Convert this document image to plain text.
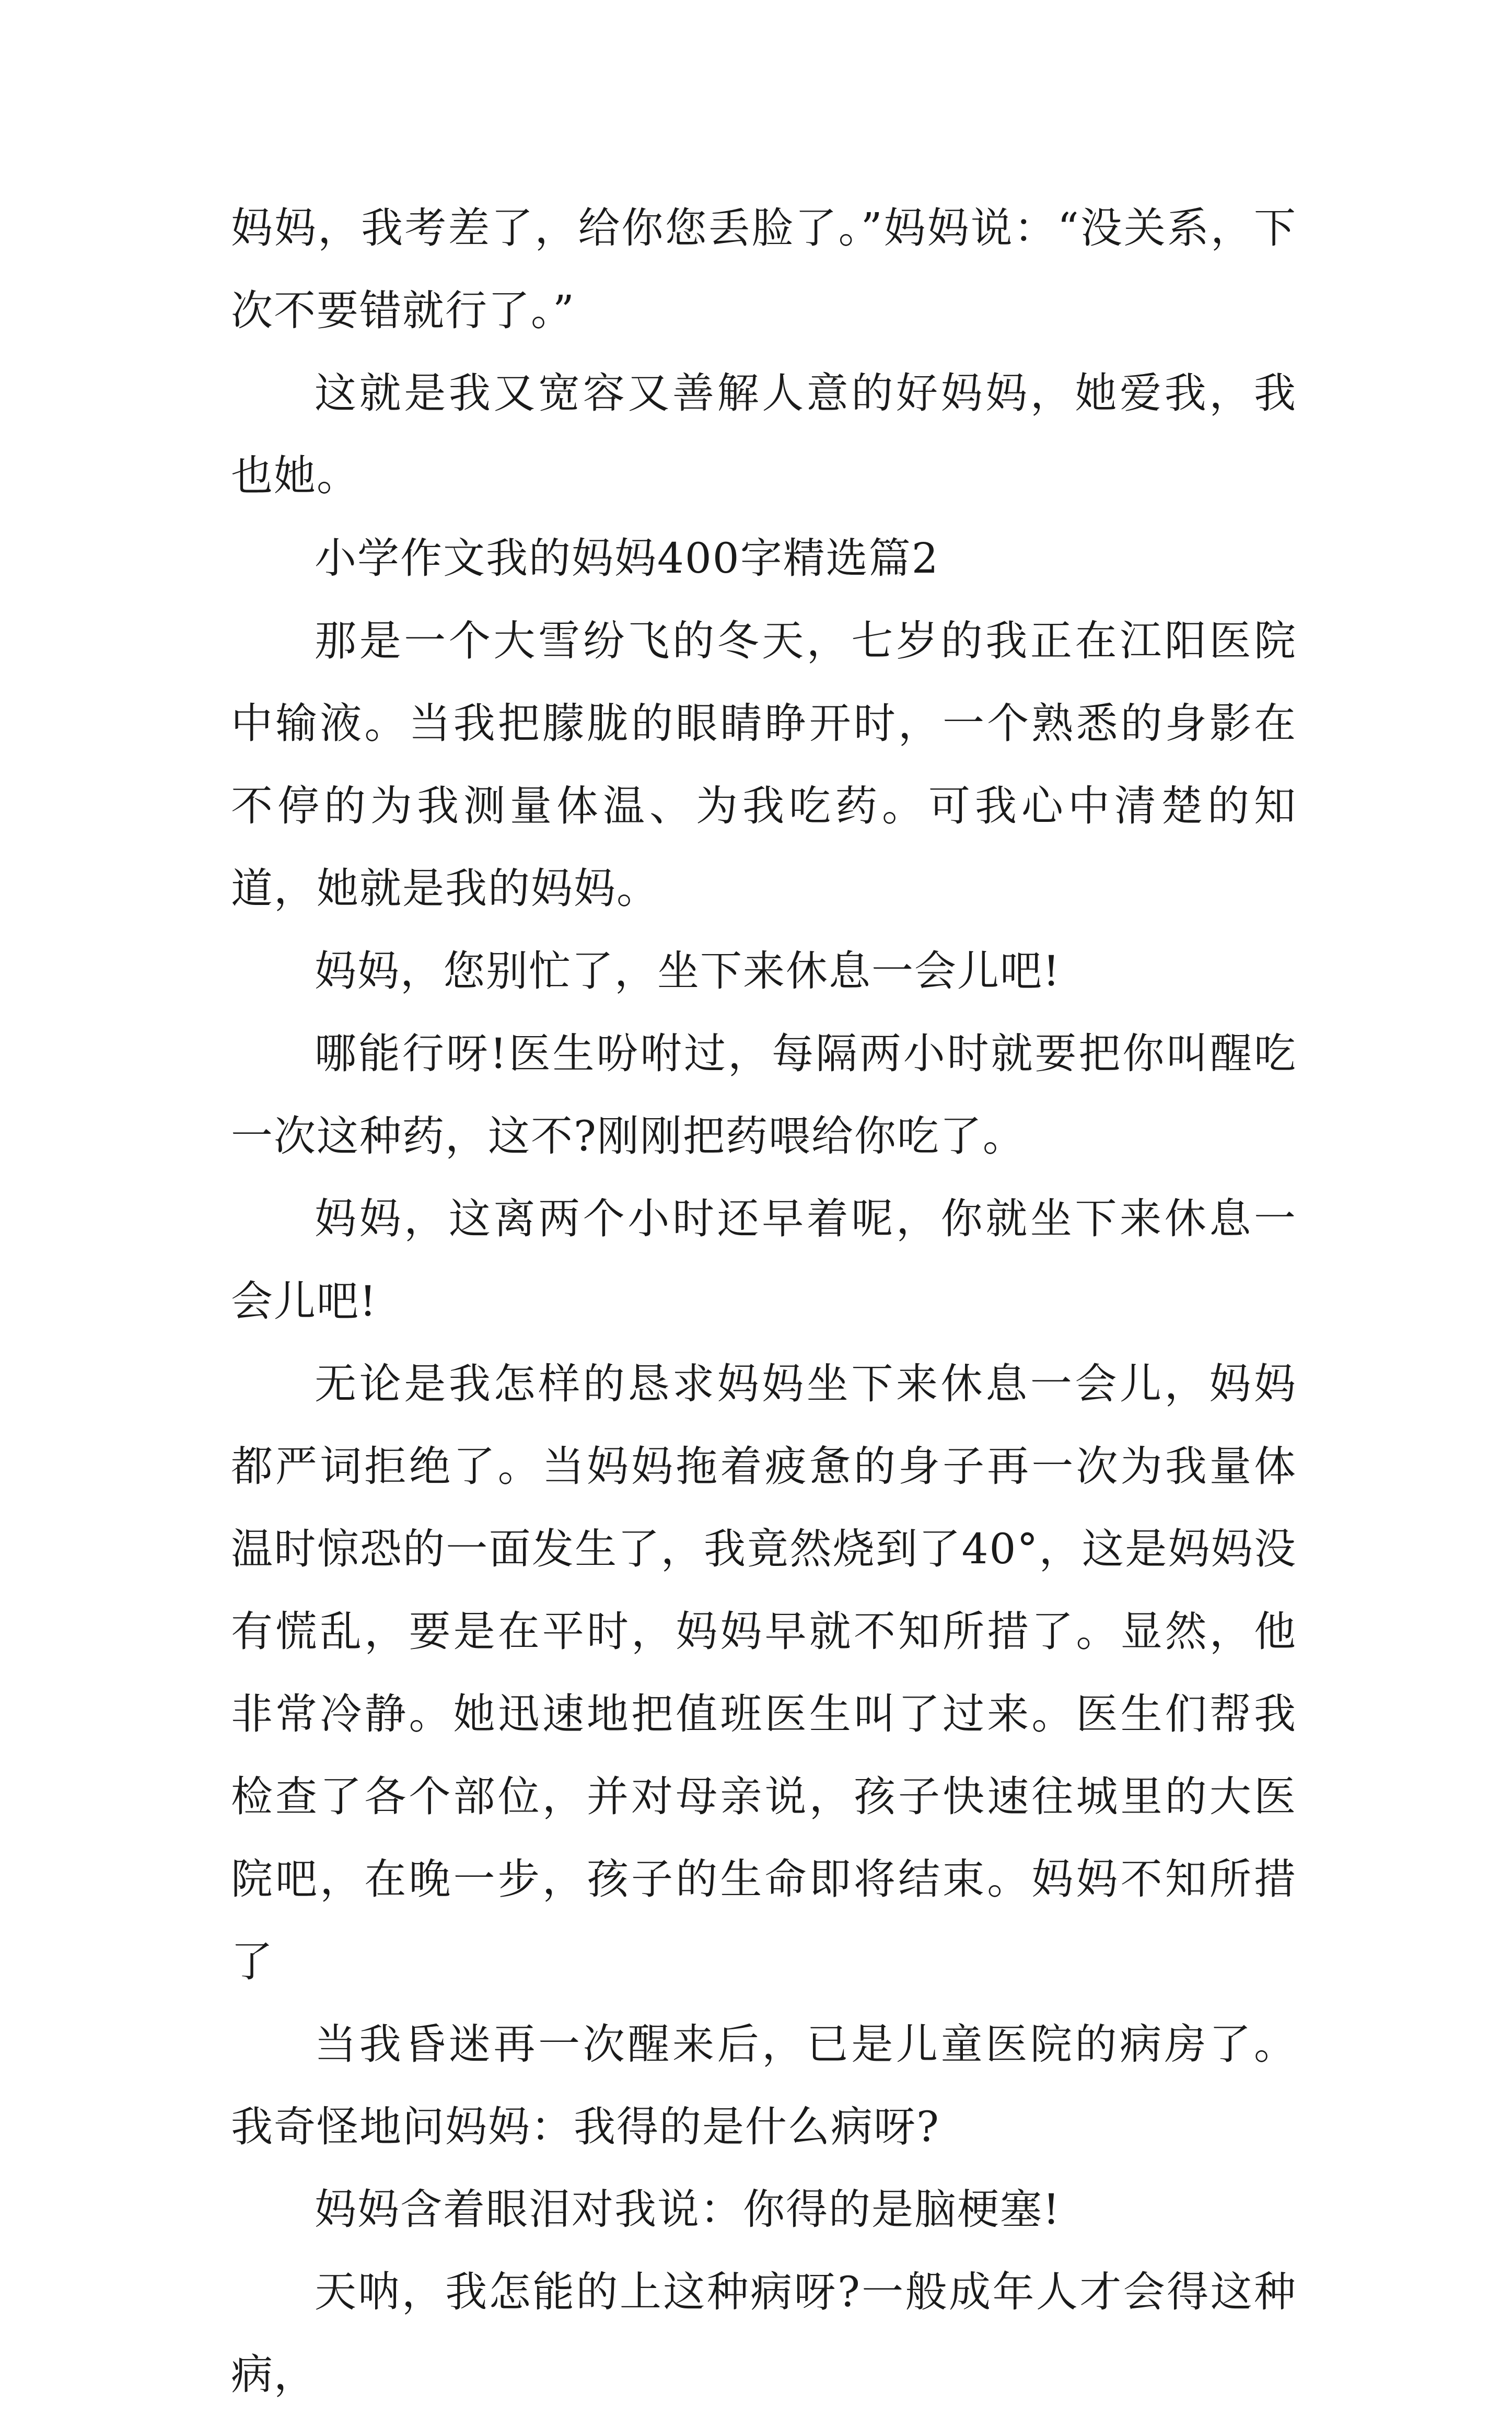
妈妈，我考差了，给你您丢脸了。”妈妈说：“没关系，下次不要错就行了。”

这就是我又宽容又善解人意的好妈妈，她爱我，我也她。

小学作文我的妈妈400字精选篇2

那是一个大雪纷飞的冬天，七岁的我正在江阳医院中输液。当我把朦胧的眼睛睁开时，一个熟悉的身影在不停的为我测量体温、为我吃药。可我心中清楚的知道，她就是我的妈妈。

妈妈，您别忙了，坐下来休息一会儿吧!

哪能行呀!医生吩咐过，每隔两小时就要把你叫醒吃一次这种药，这不?刚刚把药喂给你吃了。

妈妈，这离两个小时还早着呢，你就坐下来休息一会儿吧!

无论是我怎样的恳求妈妈坐下来休息一会儿，妈妈都严词拒绝了。当妈妈拖着疲惫的身子再一次为我量体温时惊恐的一面发生了，我竟然烧到了40°，这是妈妈没有慌乱，要是在平时，妈妈早就不知所措了。显然，他非常冷静。她迅速地把值班医生叫了过来。医生们帮我检查了各个部位，并对母亲说，孩子快速往城里的大医院吧，在晚一步，孩子的生命即将结束。妈妈不知所措了

当我昏迷再一次醒来后，已是儿童医院的病房了。我奇怪地问妈妈：我得的是什么病呀?

妈妈含着眼泪对我说：你得的是脑梗塞!

天呐，我怎能的上这种病呀?一般成年人才会得这种病，
